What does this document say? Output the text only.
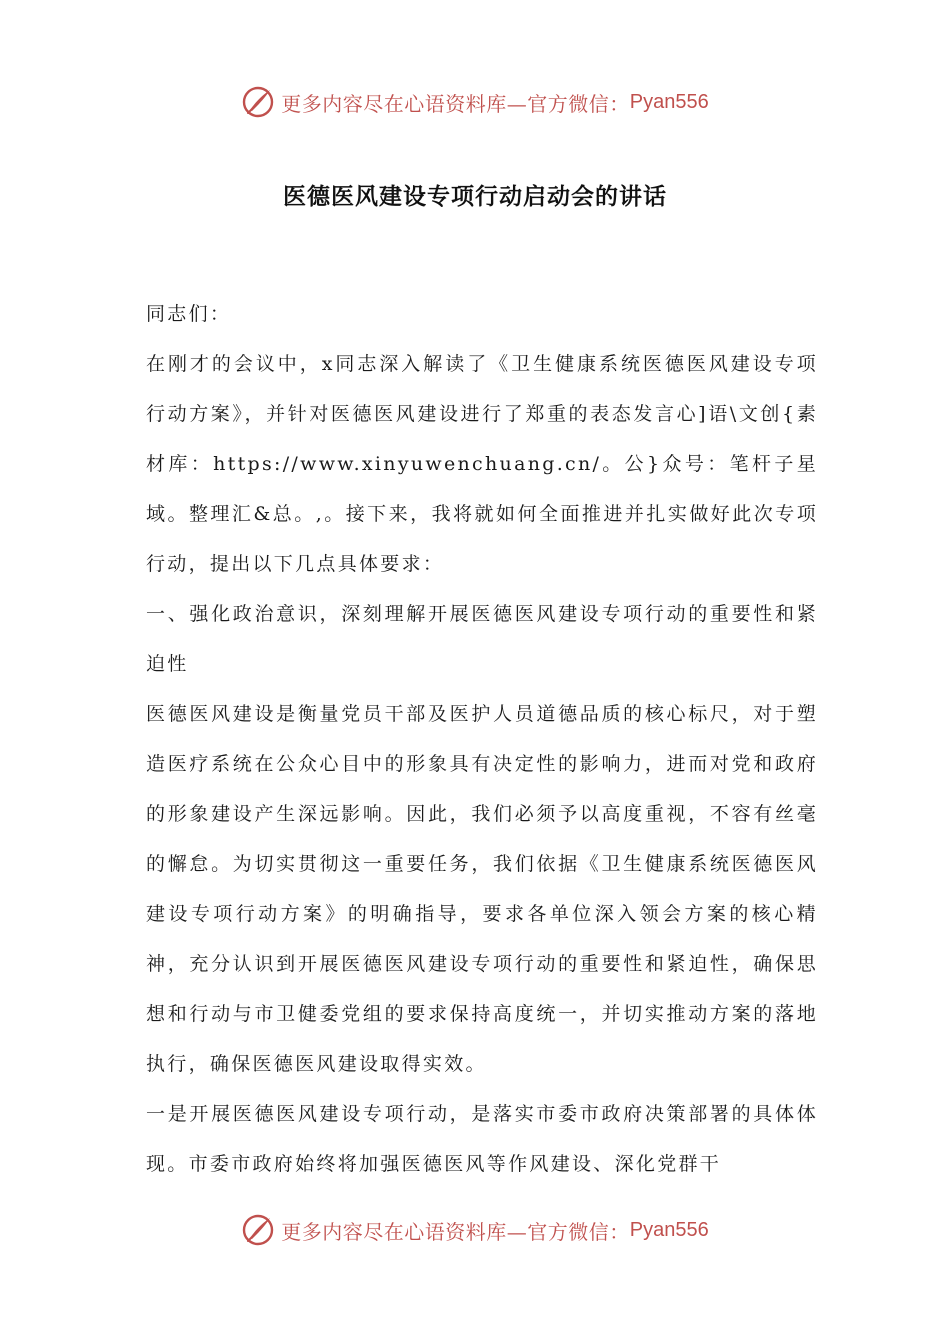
更多内容尽在心语资料库—官方微信： Pyan556
医德医风建设专项行动启动会的讲话

同志们：

在刚才的会议中，x同志深入解读了《卫生健康系统医德医风建设专项行动方案》，并针对医德医风建设进行了郑重的表态发言心]语\文创{素材库：https://www.xinyuwenchuang.cn/。公}众号：笔杆子星域。整理汇&总。,。接下来，我将就如何全面推进并扎实做好此次专项行动，提出以下几点具体要求：

一、强化政治意识，深刻理解开展医德医风建设专项行动的重要性和紧迫性

医德医风建设是衡量党员干部及医护人员道德品质的核心标尺，对于塑造医疗系统在公众心目中的形象具有决定性的影响力，进而对党和政府的形象建设产生深远影响。因此，我们必须予以高度重视，不容有丝毫的懈怠。为切实贯彻这一重要任务，我们依据《卫生健康系统医德医风建设专项行动方案》的明确指导，要求各单位深入领会方案的核心精神，充分认识到开展医德医风建设专项行动的重要性和紧迫性，确保思想和行动与市卫健委党组的要求保持高度统一，并切实推动方案的落地执行，确保医德医风建设取得实效。

一是开展医德医风建设专项行动，是落实市委市政府决策部署的具体体现。市委市政府始终将加强医德医风等作风建设、深化党群干

更多内容尽在心语资料库—官方微信： Pyan556
